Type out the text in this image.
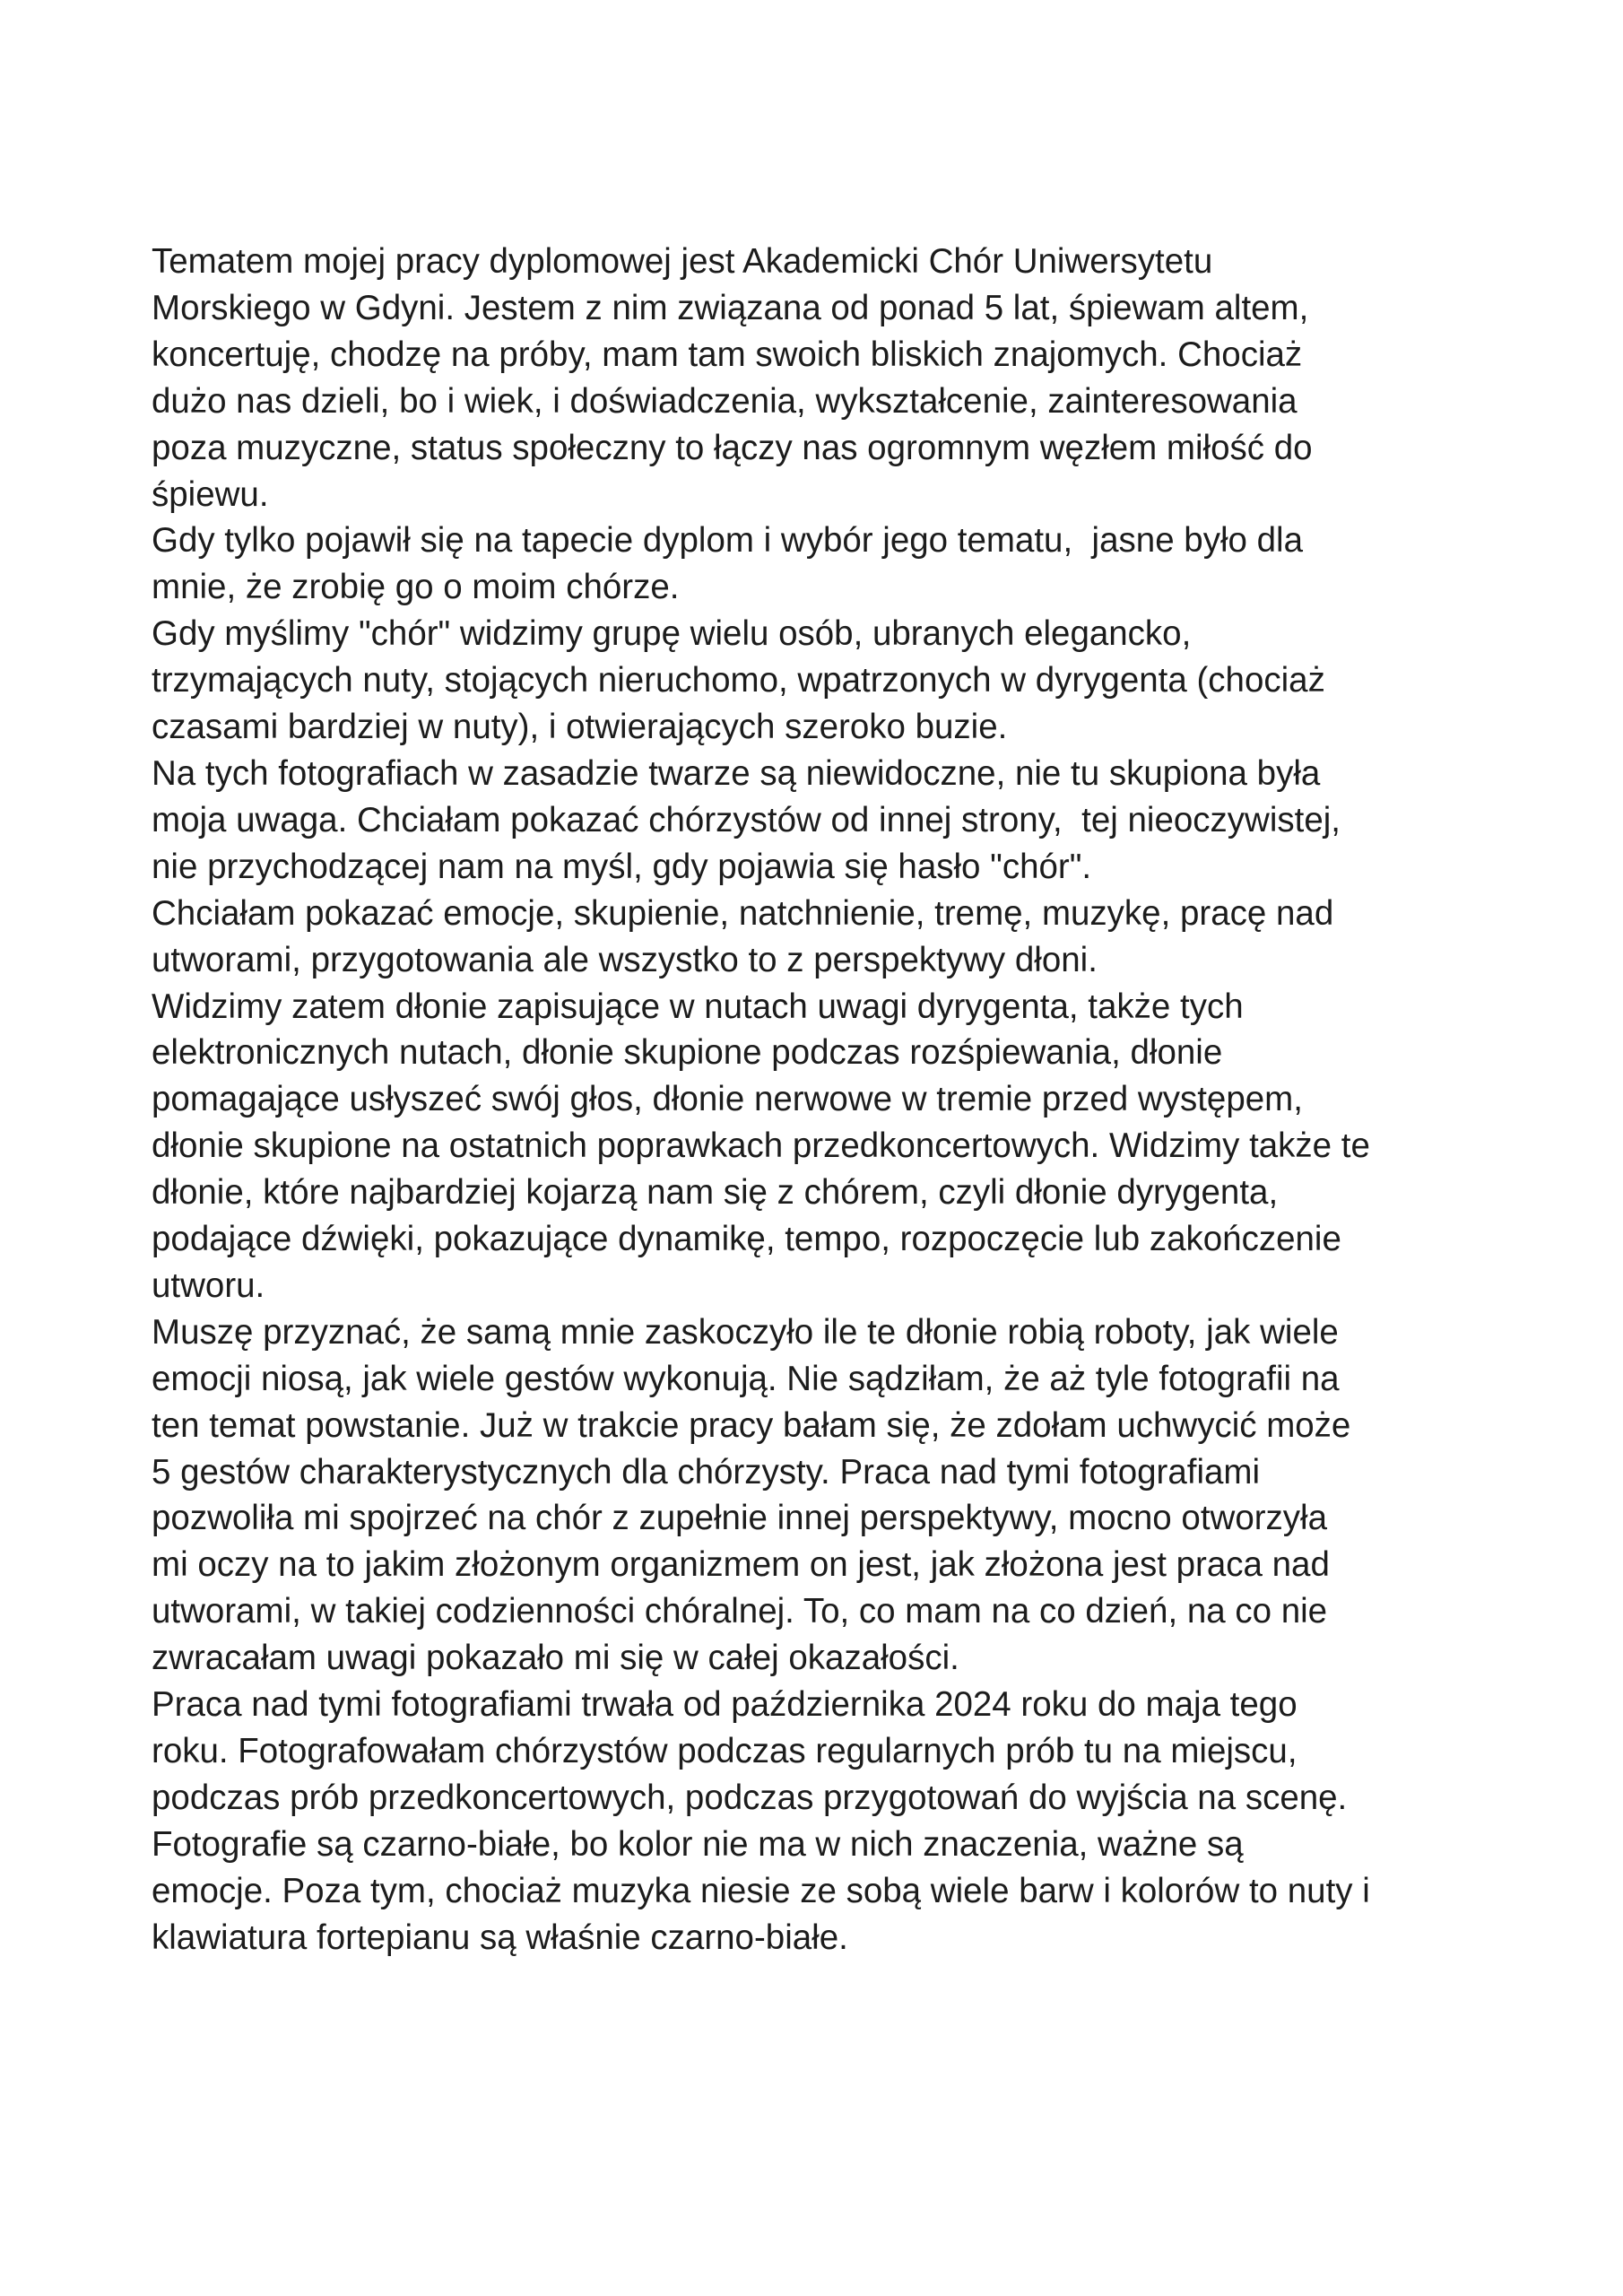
Tematem mojej pracy dyplomowej jest Akademicki Chór Uniwersytetu
Morskiego w Gdyni. Jestem z nim związana od ponad 5 lat, śpiewam altem,
koncertuję, chodzę na próby, mam tam swoich bliskich znajomych. Chociaż
dużo nas dzieli, bo i wiek, i doświadczenia, wykształcenie, zainteresowania
poza muzyczne, status społeczny to łączy nas ogromnym węzłem miłość do
śpiewu.
Gdy tylko pojawił się na tapecie dyplom i wybór jego tematu,  jasne było dla
mnie, że zrobię go o moim chórze.
Gdy myślimy "chór" widzimy grupę wielu osób, ubranych elegancko,
trzymających nuty, stojących nieruchomo, wpatrzonych w dyrygenta (chociaż
czasami bardziej w nuty), i otwierających szeroko buzie.
Na tych fotografiach w zasadzie twarze są niewidoczne, nie tu skupiona była
moja uwaga. Chciałam pokazać chórzystów od innej strony,  tej nieoczywistej,
nie przychodzącej nam na myśl, gdy pojawia się hasło "chór".
Chciałam pokazać emocje, skupienie, natchnienie, tremę, muzykę, pracę nad
utworami, przygotowania ale wszystko to z perspektywy dłoni.
Widzimy zatem dłonie zapisujące w nutach uwagi dyrygenta, także tych
elektronicznych nutach, dłonie skupione podczas rozśpiewania, dłonie
pomagające usłyszeć swój głos, dłonie nerwowe w tremie przed występem,
dłonie skupione na ostatnich poprawkach przedkoncertowych. Widzimy także te
dłonie, które najbardziej kojarzą nam się z chórem, czyli dłonie dyrygenta,
podające dźwięki, pokazujące dynamikę, tempo, rozpoczęcie lub zakończenie
utworu.
Muszę przyznać, że samą mnie zaskoczyło ile te dłonie robią roboty, jak wiele
emocji niosą, jak wiele gestów wykonują. Nie sądziłam, że aż tyle fotografii na
ten temat powstanie. Już w trakcie pracy bałam się, że zdołam uchwycić może
5 gestów charakterystycznych dla chórzysty. Praca nad tymi fotografiami
pozwoliła mi spojrzeć na chór z zupełnie innej perspektywy, mocno otworzyła
mi oczy na to jakim złożonym organizmem on jest, jak złożona jest praca nad
utworami, w takiej codzienności chóralnej. To, co mam na co dzień, na co nie
zwracałam uwagi pokazało mi się w całej okazałości.
Praca nad tymi fotografiami trwała od października 2024 roku do maja tego
roku. Fotografowałam chórzystów podczas regularnych prób tu na miejscu,
podczas prób przedkoncertowych, podczas przygotowań do wyjścia na scenę.
Fotografie są czarno-białe, bo kolor nie ma w nich znaczenia, ważne są
emocje. Poza tym, chociaż muzyka niesie ze sobą wiele barw i kolorów to nuty i
klawiatura fortepianu są właśnie czarno-białe.
